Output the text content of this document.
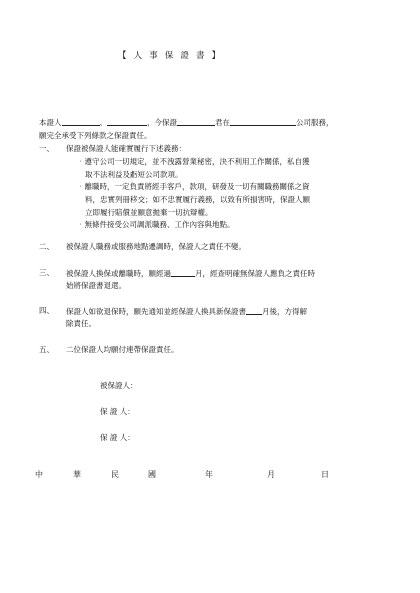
【 人 事 保 證 書 】
本證人	、	，今保證	君在	公司服務，
願完全承受下列條款之保證責任。
一、 保證被保證人能確實履行下述義務：
‧遵守公司一切規定，並不洩露營業秘密，決不利用工作關係，私自獲
取不法利益及虧短公司款項。
‧離職時，一定負責將經手客戶，款項，研發及一切有關職務關係之資
料，忠實列冊移交；如不忠實履行義務，以致有所損害時，保證人願
立即履行賠償並願意拋棄一切抗辯權。
‧無條件接受公司調派職務、工作內容與地點。
二、 被保證人職務或服務地點遷調時，保證人之責任不變。
三、 被保證人換保或離職時，願經過	月，經查明確無保證人應負之責任時
始將保證書退還。
四、 保證人如欲退保時，願先通知並經保證人換具新保證書 月後，方得解
除責任。
五、 二位保證人均願付連帶保證責任。
被保證人：
保 證 人：
保 證 人：
中	華	民	國	年	月	日
